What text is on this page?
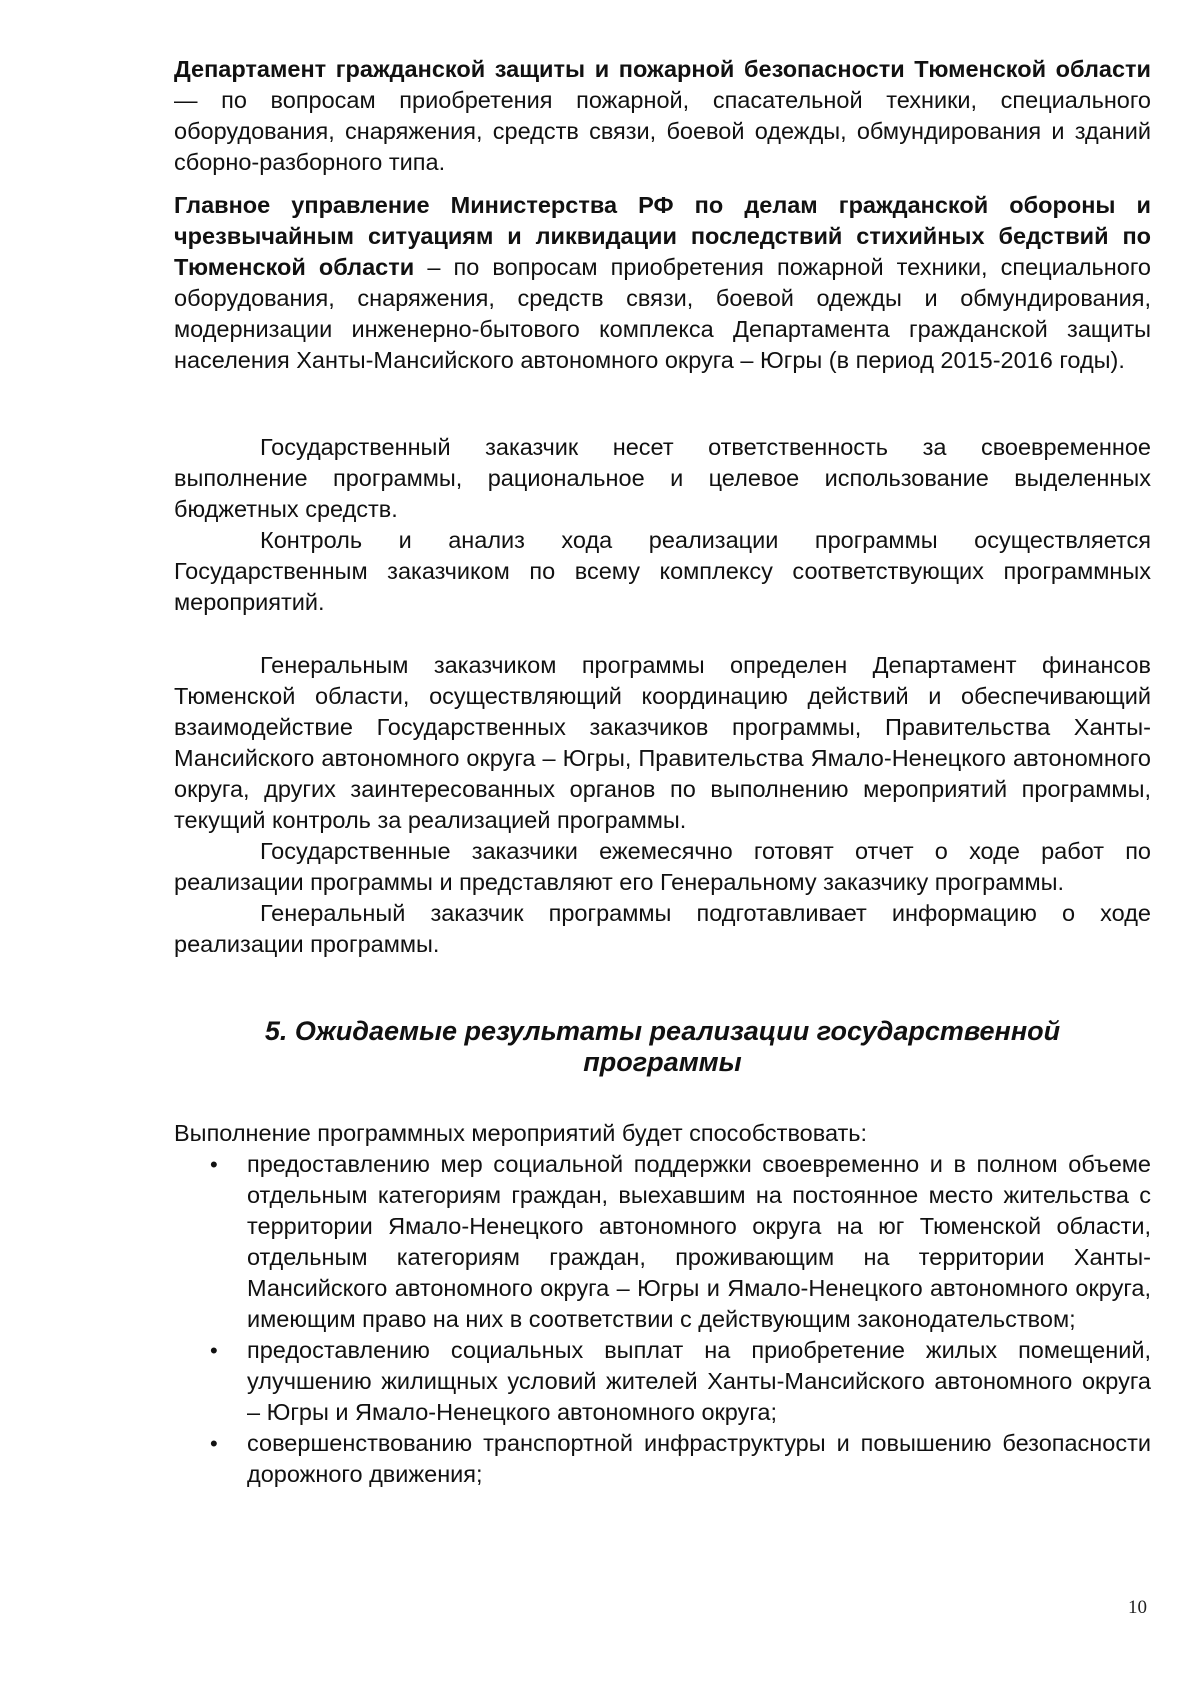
Департамент гражданской защиты и пожарной безопасности Тюменской области — по вопросам приобретения пожарной, спасательной техники, специального оборудования, снаряжения, средств связи, боевой одежды, обмундирования и зданий сборно-разборного типа.

Главное управление Министерства РФ по делам гражданской обороны и чрезвычайным ситуациям и ликвидации последствий стихийных бедствий по Тюменской области – по вопросам приобретения пожарной техники, специального оборудования, снаряжения, средств связи, боевой одежды и обмундирования, модернизации инженерно-бытового комплекса Департамента гражданской защиты населения Ханты-Мансийского автономного округа – Югры (в период 2015-2016 годы).

Государственный заказчик несет ответственность за своевременное выполнение программы, рациональное и целевое использование выделенных бюджетных средств.

Контроль и анализ хода реализации программы осуществляется Государственным заказчиком по всему комплексу соответствующих программных мероприятий.

Генеральным заказчиком программы определен Департамент финансов Тюменской области, осуществляющий координацию действий и обеспечивающий взаимодействие Государственных заказчиков программы, Правительства Ханты-Мансийского автономного округа – Югры, Правительства Ямало-Ненецкого автономного округа, других заинтересованных органов по выполнению мероприятий программы, текущий контроль за реализацией программы.

Государственные заказчики ежемесячно готовят отчет о ходе работ по реализации программы и представляют его Генеральному заказчику программы.

Генеральный заказчик программы подготавливает информацию о ходе реализации программы.

5. Ожидаемые результаты реализации государственной
программы

Выполнение программных мероприятий будет способствовать:

• предоставлению мер социальной поддержки своевременно и в полном объеме отдельным категориям граждан, выехавшим на постоянное место жительства с территории Ямало-Ненецкого автономного округа на юг Тюменской области, отдельным категориям граждан, проживающим на территории Ханты-Мансийского автономного округа – Югры и Ямало-Ненецкого автономного округа, имеющим право на них в соответствии с действующим законодательством;
• предоставлению социальных выплат на приобретение жилых помещений, улучшению жилищных условий жителей Ханты-Мансийского автономного округа – Югры и Ямало-Ненецкого автономного округа;
• совершенствованию транспортной инфраструктуры и повышению безопасности дорожного движения;
10
